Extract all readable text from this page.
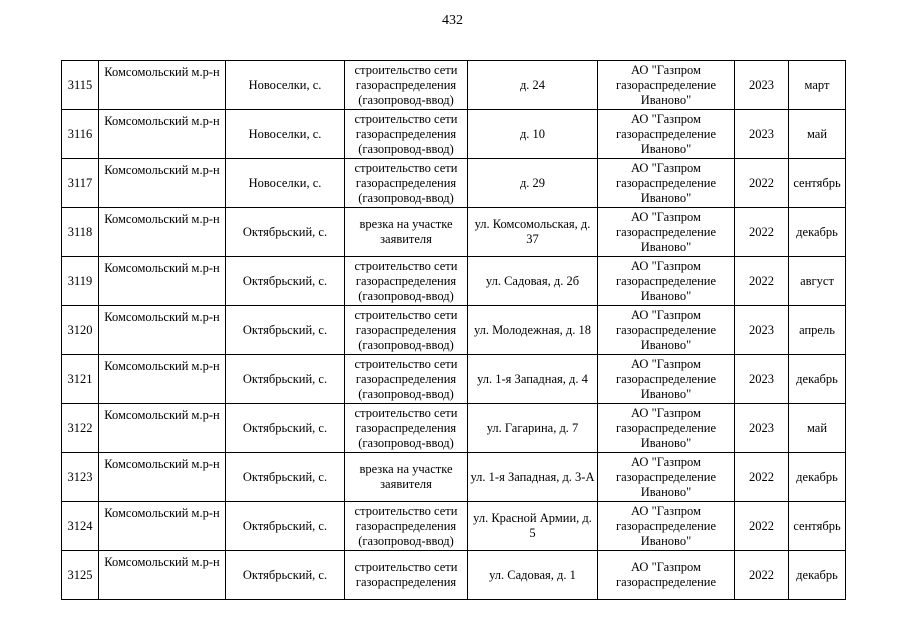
432
3115	Комсомольский м.р-н	Новоселки, с.	строительство сети газораспределения (газопровод-ввод)	д. 24	АО "Газпром газораспределение Иваново"	2023	март
3116	Комсомольский м.р-н	Новоселки, с.	строительство сети газораспределения (газопровод-ввод)	д. 10	АО "Газпром газораспределение Иваново"	2023	май
3117	Комсомольский м.р-н	Новоселки, с.	строительство сети газораспределения (газопровод-ввод)	д. 29	АО "Газпром газораспределение Иваново"	2022	сентябрь
3118	Комсомольский м.р-н	Октябрьский, с.	врезка на участке заявителя	ул. Комсомольская, д. 37	АО "Газпром газораспределение Иваново"	2022	декабрь
3119	Комсомольский м.р-н	Октябрьский, с.	строительство сети газораспределения (газопровод-ввод)	ул. Садовая, д. 2б	АО "Газпром газораспределение Иваново"	2022	август
3120	Комсомольский м.р-н	Октябрьский, с.	строительство сети газораспределения (газопровод-ввод)	ул. Молодежная, д. 18	АО "Газпром газораспределение Иваново"	2023	апрель
3121	Комсомольский м.р-н	Октябрьский, с.	строительство сети газораспределения (газопровод-ввод)	ул. 1-я Западная, д. 4	АО "Газпром газораспределение Иваново"	2023	декабрь
3122	Комсомольский м.р-н	Октябрьский, с.	строительство сети газораспределения (газопровод-ввод)	ул. Гагарина, д. 7	АО "Газпром газораспределение Иваново"	2023	май
3123	Комсомольский м.р-н	Октябрьский, с.	врезка на участке заявителя	ул. 1-я Западная, д. 3-А	АО "Газпром газораспределение Иваново"	2022	декабрь
3124	Комсомольский м.р-н	Октябрьский, с.	строительство сети газораспределения (газопровод-ввод)	ул. Красной Армии, д. 5	АО "Газпром газораспределение Иваново"	2022	сентябрь
3125	Комсомольский м.р-н	Октябрьский, с.	строительство сети газораспределения	ул. Садовая, д. 1	АО "Газпром газораспределение	2022	декабрь
